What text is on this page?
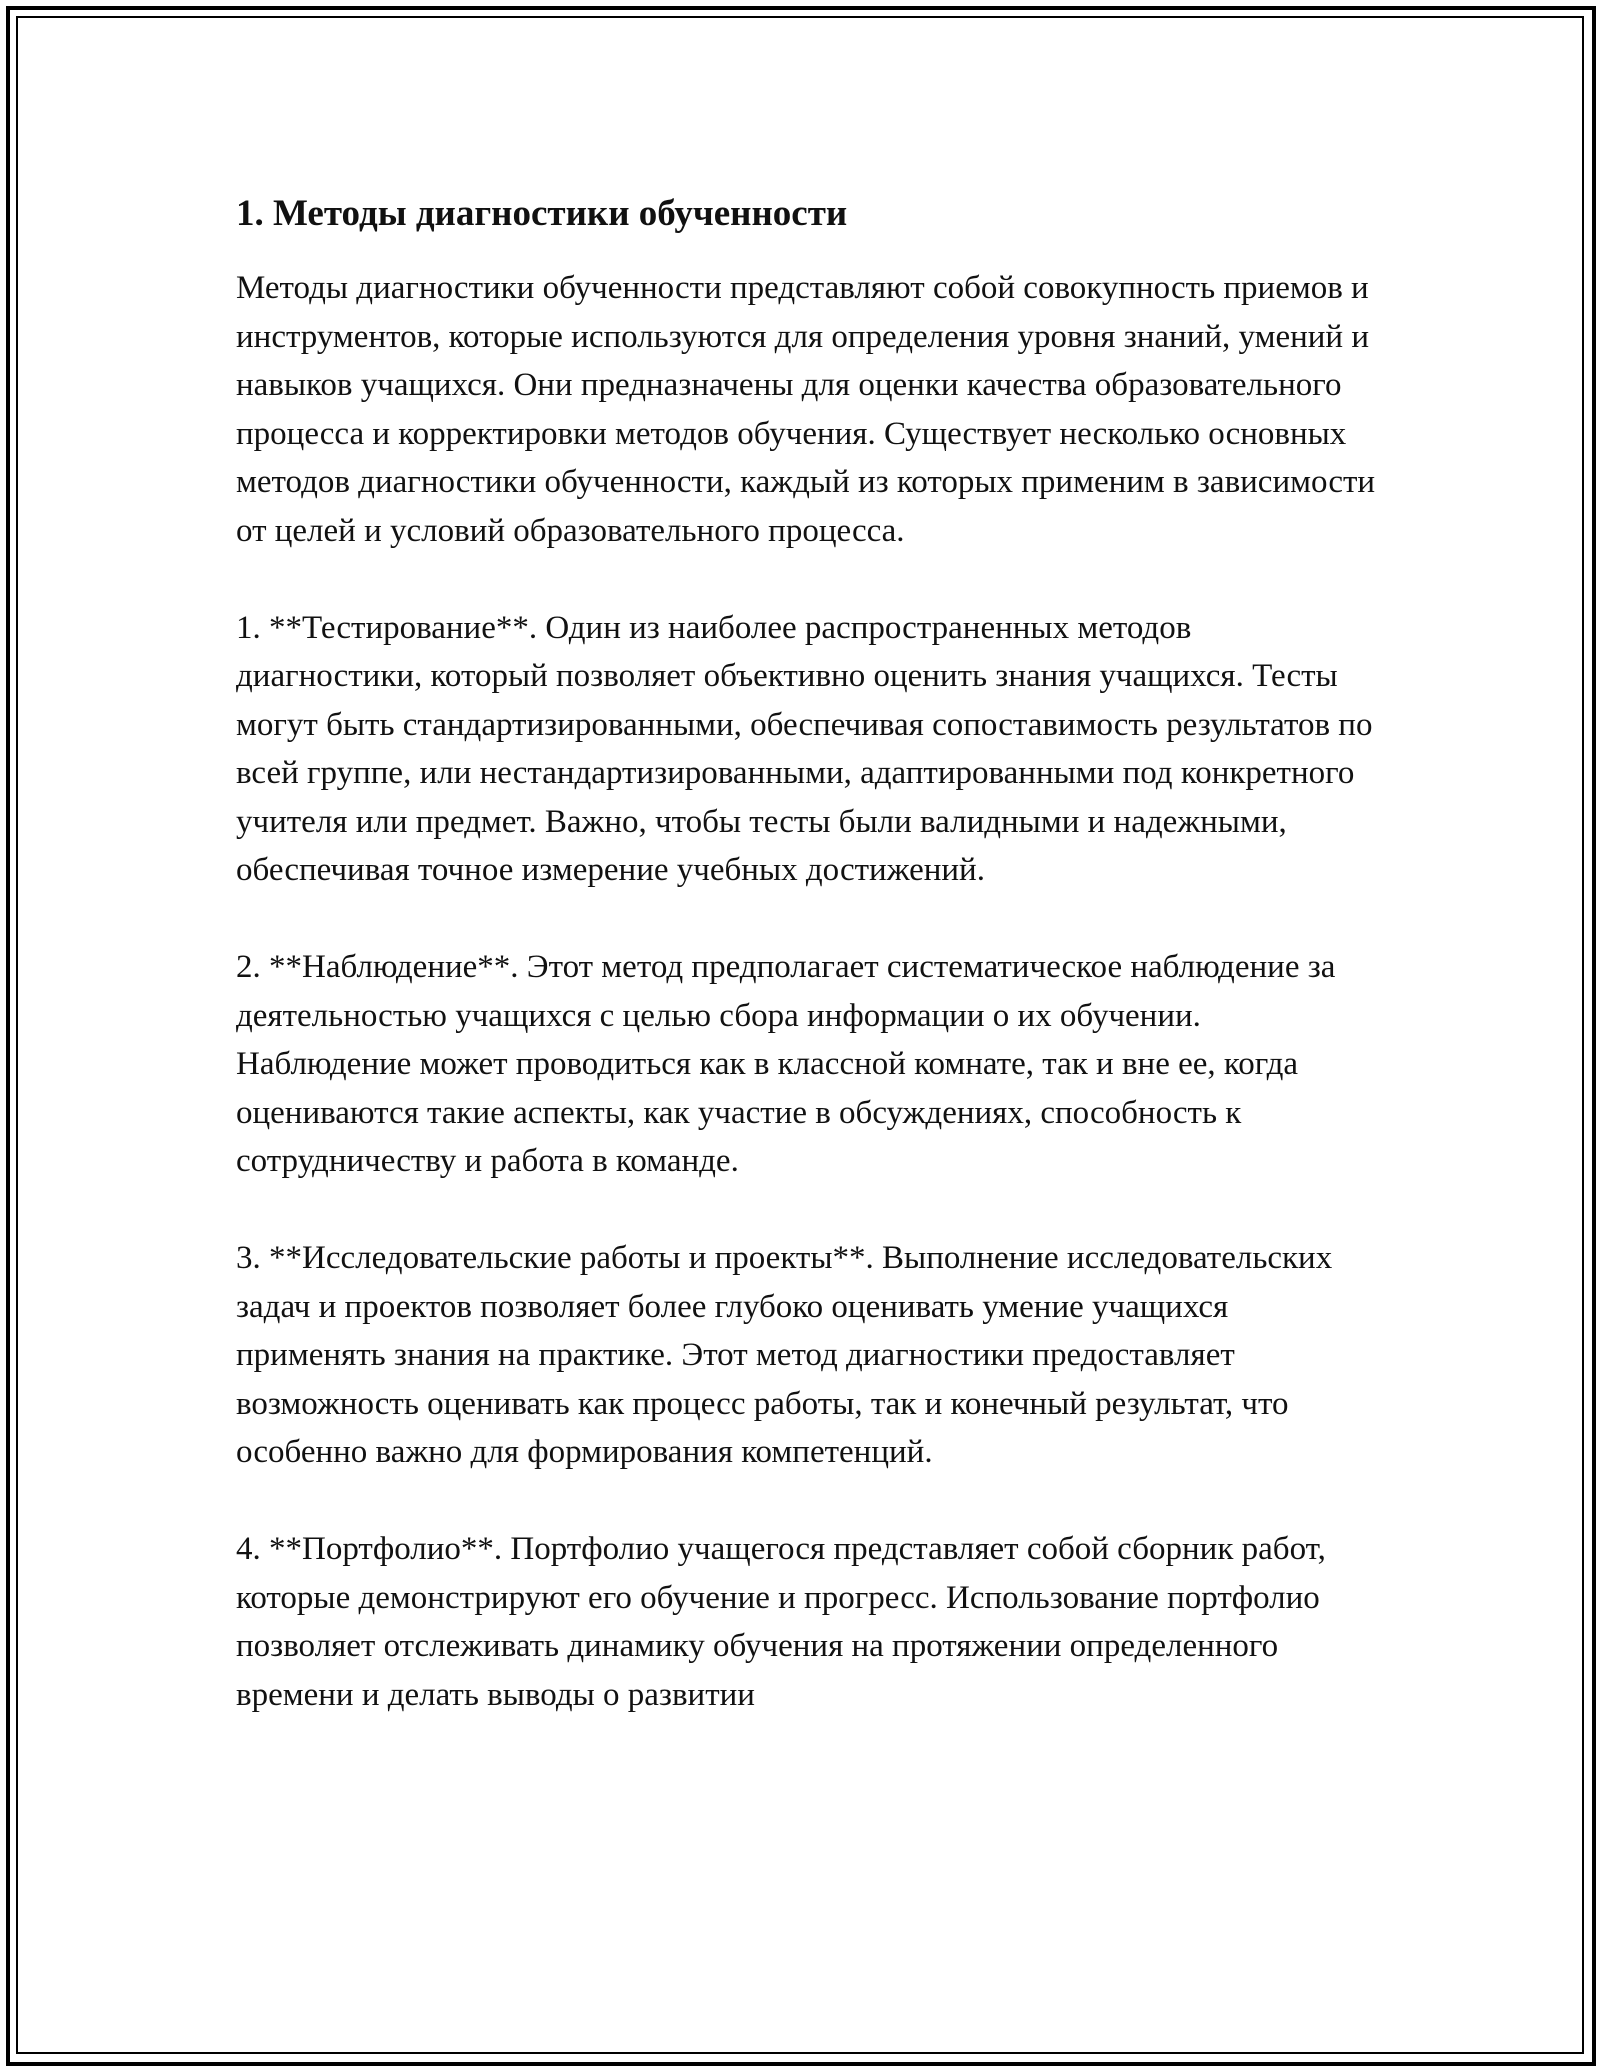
1. Методы диагностики обученности

Методы диагностики обученности представляют собой совокупность приемов и инструментов, которые используются для определения уровня знаний, умений и навыков учащихся. Они предназначены для оценки качества образовательного процесса и корректировки методов обучения. Существует несколько основных методов диагностики обученности, каждый из которых применим в зависимости от целей и условий образовательного процесса.

1. **Тестирование**. Один из наиболее распространенных методов диагностики, который позволяет объективно оценить знания учащихся. Тесты могут быть стандартизированными, обеспечивая сопоставимость результатов по всей группе, или нестандартизированными, адаптированными под конкретного учителя или предмет. Важно, чтобы тесты были валидными и надежными, обеспечивая точное измерение учебных достижений.

2. **Наблюдение**. Этот метод предполагает систематическое наблюдение за деятельностью учащихся с целью сбора информации о их обучении. Наблюдение может проводиться как в классной комнате, так и вне ее, когда оцениваются такие аспекты, как участие в обсуждениях, способность к сотрудничеству и работа в команде.

3. **Исследовательские работы и проекты**. Выполнение исследовательских задач и проектов позволяет более глубоко оценивать умение учащихся применять знания на практике. Этот метод диагностики предоставляет возможность оценивать как процесс работы, так и конечный результат, что особенно важно для формирования компетенций.

4. **Портфолио**. Портфолио учащегося представляет собой сборник работ, которые демонстрируют его обучение и прогресс. Использование портфолио позволяет отслеживать динамику обучения на протяжении определенного времени и делать выводы о развитии
